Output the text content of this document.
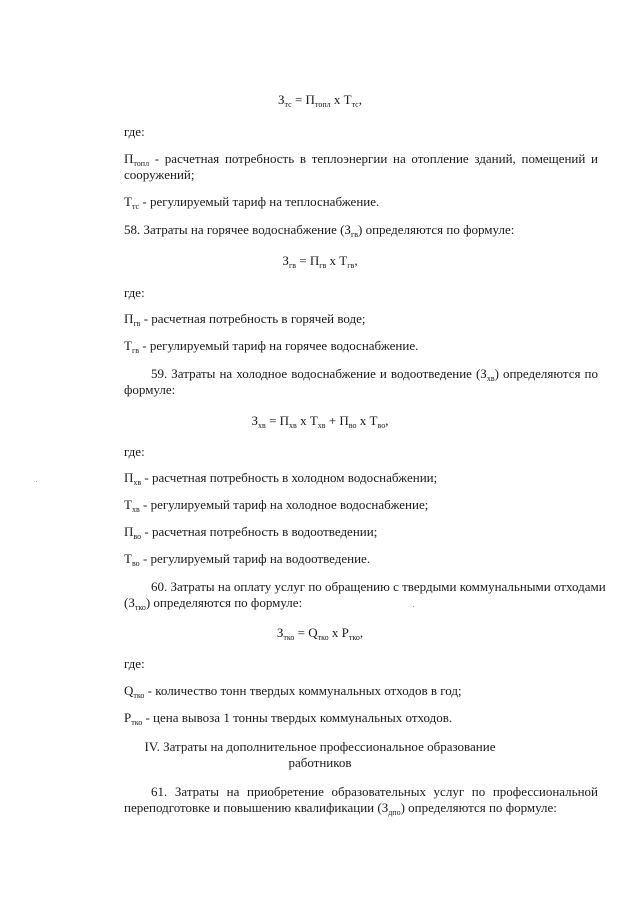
$З_{тс} = П_{топл}$ x $Т_{тс}$,
где:
$П_{топл}$ - расчетная потребность в теплоэнергии на отопление зданий, помещений и
сооружений;
$Т_{тс}$ - регулируемый тариф на теплоснабжение.
58. Затраты на горячее водоснабжение $(З_{гв})$ определяются по формуле:
$З_{гв} = П_{гв}$ x $Т_{гв}$,
где:
$П_{гв}$ - расчетная потребность в горячей воде;
$Т_{гв}$ - регулируемый тариф на горячее водоснабжение.
59. Затраты на холодное водоснабжение и водоотведение $(З_{хв})$ определяются по
формуле:
$З_{хв} = П_{хв}$ x $Т_{хв} + П_{во}$ x $Т_{во}$,
где:
$П_{хв}$ - расчетная потребность в холодном водоснабжении;
$Т_{хв}$ - регулируемый тариф на холодное водоснабжение;
$П_{во}$ - расчетная потребность в водоотведении;
$Т_{во}$ - регулируемый тариф на водоотведение.
60. Затраты на оплату услуг по обращению с твердыми коммунальными отходами
$(З_{тко})$ определяются по формуле:
$З_{тко} = Q_{тко}$ x $P_{тко}$,
где:
$Q_{тко}$ - количество тонн твердых коммунальных отходов в год;
$P_{тко}$ - цена вывоза 1 тонны твердых коммунальных отходов.
IV. Затраты на дополнительное профессиональное образование
работников
61. Затраты на приобретение образовательных услуг по профессиональной
переподготовке и повышению квалификации $(З_{дпо})$ определяются по формуле:
